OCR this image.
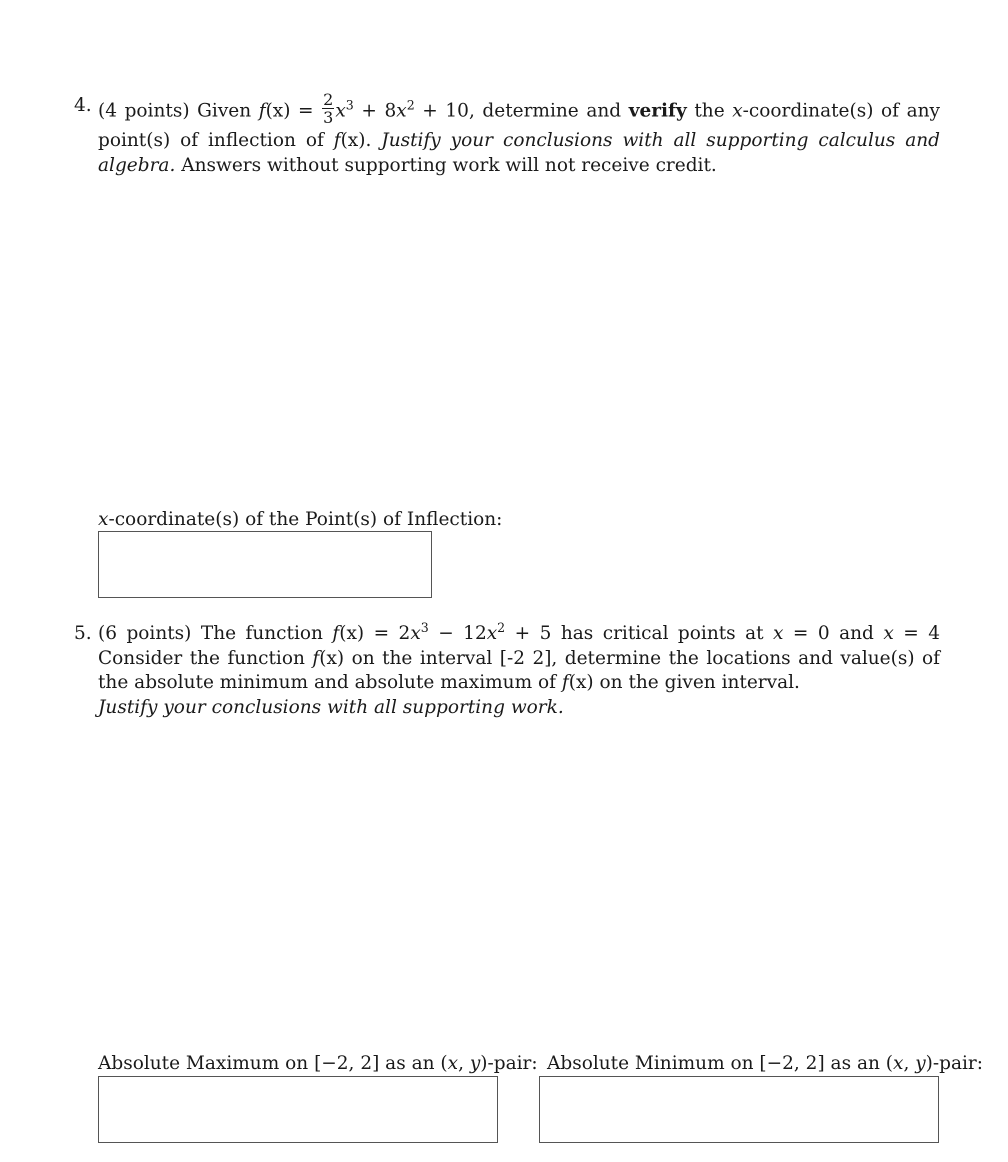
4. (4 points) Given $f(x) = \frac{2}{3} x^3 + 8x^2 + 10$, determine and verify the x-coordinate(s) of any point(s) of inflection of f(x). Justify your conclusions with all supporting calculus and algebra. Answers without supporting work will not receive credit.
x-coordinate(s) of the Point(s) of Inflection:
5. (6 points) The function $f(x) = 2x^3 - 12x^2 + 5$ has critical points at x = 0 and x = 4 Consider the function f(x) on the interval [-2 2], determine the locations and value(s) of the absolute minimum and absolute maximum of f(x) on the given interval.
Justify your conclusions with all supporting work.
Absolute Maximum on [−2, 2] as an (x, y)-pair: Absolute Minimum on [−2, 2] as an (x, y)-pair:
